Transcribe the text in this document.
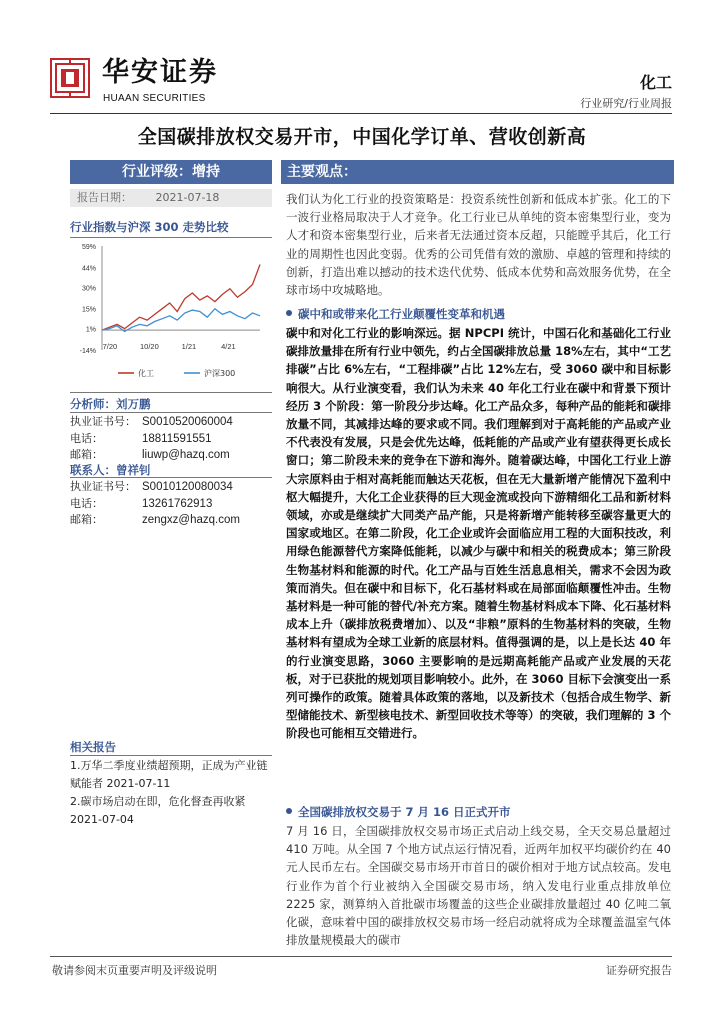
华安证券
HUAAN SECURITIES
化工
行业研究/行业周报
全国碳排放权交易开市，中国化学订单、营收创新高
行业评级：增持
报告日期： 2021-07-18
行业指数与沪深 300 走势比较
59%
44%
30%
15%
1%
-14%
7/20	10/20	1/21	4/21
化工	沪深300
分析师：刘万鹏
执业证书号： S0010520060004
电话：	18811591551
邮箱：	liuwp@hazq.com
联系人：曾祥钊
执业证书号： S0010120080034
电话：	13261762913
邮箱：	zengxz@hazq.com
相关报告
1.万华二季度业绩超预期，正成为产业链赋能者 2021-07-11
2.碳市场启动在即，危化督查再收紧 2021-07-04
主要观点：
我们认为化工行业的投资策略是：投资系统性创新和低成本扩张。化工的下一波行业格局取决于人才竞争。化工行业已从单纯的资本密集型行业，变为人才和资本密集型行业，后来者无法通过资本反超，只能瞠乎其后，化工行业的周期性也因此变弱。优秀的公司凭借有效的激励、卓越的管理和持续的创新，打造出难以撼动的技术迭代优势、低成本优势和高效服务优势，在全球市场中攻城略地。
碳中和或带来化工行业颠覆性变革和机遇
碳中和对化工行业的影响深远。据 NPCPI 统计，中国石化和基础化工行业碳排放量排在所有行业中领先，约占全国碳排放总量 18%左右，其中“工艺排碳”占比 6%左右，“工程排碳”占比 12%左右，受 3060 碳中和目标影响很大。从行业演变看，我们认为未来 40 年化工行业在碳中和背景下预计经历 3 个阶段：第一阶段分步达峰。化工产品众多，每种产品的能耗和碳排放量不同，其减排达峰的要求或不同。我们理解到对于高耗能的产品或产业不代表没有发展，只是会优先达峰，低耗能的产品或产业有望获得更长成长窗口；第二阶段未来的竞争在下游和海外。随着碳达峰，中国化工行业上游大宗原料由于相对高耗能而触达天花板，但在无大量新增产能情况下盈利中枢大幅提升，大化工企业获得的巨大现金流或投向下游精细化工品和新材料领域，亦或是继续扩大同类产品产能，只是将新增产能转移至碳容量更大的国家或地区。在第二阶段，化工企业或许会面临应用工程的大面积技改，利用绿色能源替代方案降低能耗，以减少与碳中和相关的税费成本；第三阶段生物基材料和能源的时代。化工产品与百姓生活息息相关，需求不会因为政策而消失。但在碳中和目标下，化石基材料或在局部面临颠覆性冲击。生物基材料是一种可能的替代/补充方案。随着生物基材料成本下降、化石基材料成本上升（碳排放税费增加）、以及“非粮”原料的生物基材料的突破，生物基材料有望成为全球工业新的底层材料。值得强调的是，以上是长达 40 年的行业演变思路，3060 主要影响的是远期高耗能产品或产业发展的天花板，对于已获批的规划项目影响较小。此外，在 3060 目标下会演变出一系列可操作的政策。随着具体政策的落地，以及新技术（包括合成生物学、新型储能技术、新型核电技术、新型回收技术等等）的突破，我们理解的 3 个阶段也可能相互交错进行。
全国碳排放权交易于 7 月 16 日正式开市
7 月 16 日，全国碳排放权交易市场正式启动上线交易，全天交易总量超过 410 万吨。从全国 7 个地方试点运行情况看，近两年加权平均碳价约在 40 元人民币左右。全国碳交易市场开市首日的碳价相对于地方试点较高。发电行业作为首个行业被纳入全国碳交易市场，纳入发电行业重点排放单位 2225 家，测算纳入首批碳市场覆盖的这些企业碳排放量超过 40 亿吨二氧化碳，意味着中国的碳排放权交易市场一经启动就将成为全球覆盖温室气体排放量规模最大的碳市
敬请参阅末页重要声明及评级说明	证券研究报告
